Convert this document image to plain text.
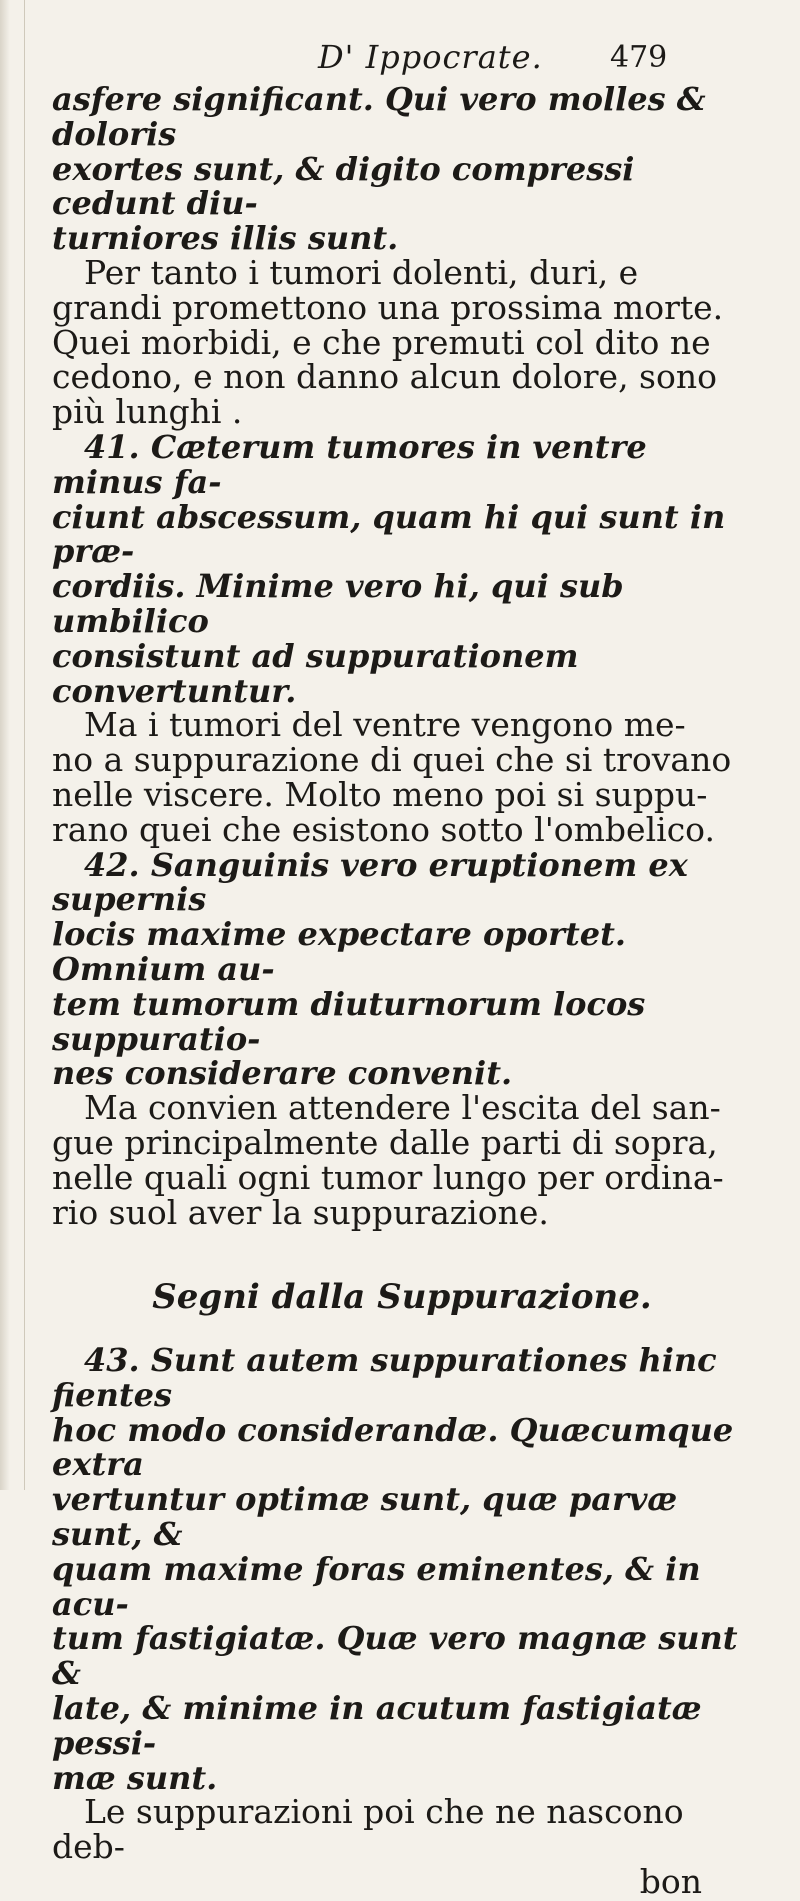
D' Ippocrate. 479

asfere significant. Qui vero molles & doloris

exortes sunt, & digito compressi cedunt diu-

turniores illis sunt.

Per tanto i tumori dolenti, duri, e

grandi promettono una prossima morte.

Quei morbidi, e che premuti col dito ne

cedono, e non danno alcun dolore, sono

più lunghi .

41. Cæterum tumores in ventre minus fa-

ciunt abscessum, quam hi qui sunt in præ-

cordiis. Minime vero hi, qui sub umbilico

consistunt ad suppurationem convertuntur.

Ma i tumori del ventre vengono me-

no a suppurazione di quei che si trovano

nelle viscere. Molto meno poi si suppu-

rano quei che esistono sotto l'ombelico.

42. Sanguinis vero eruptionem ex supernis

locis maxime expectare oportet. Omnium au-

tem tumorum diuturnorum locos suppuratio-

nes considerare convenit.

Ma convien attendere l'escita del san-

gue principalmente dalle parti di sopra,

nelle quali ogni tumor lungo per ordina-

rio suol aver la suppurazione.

Segni dalla Suppurazione.

43. Sunt autem suppurationes hinc fientes

hoc modo considerandæ. Quæcumque extra

vertuntur optimæ sunt, quæ parvæ sunt, &

quam maxime foras eminentes, & in acu-

tum fastigiatæ. Quæ vero magnæ sunt &

late, & minime in acutum fastigiatæ pessi-

mæ sunt.

Le suppurazioni poi che ne nascono deb-

bon
